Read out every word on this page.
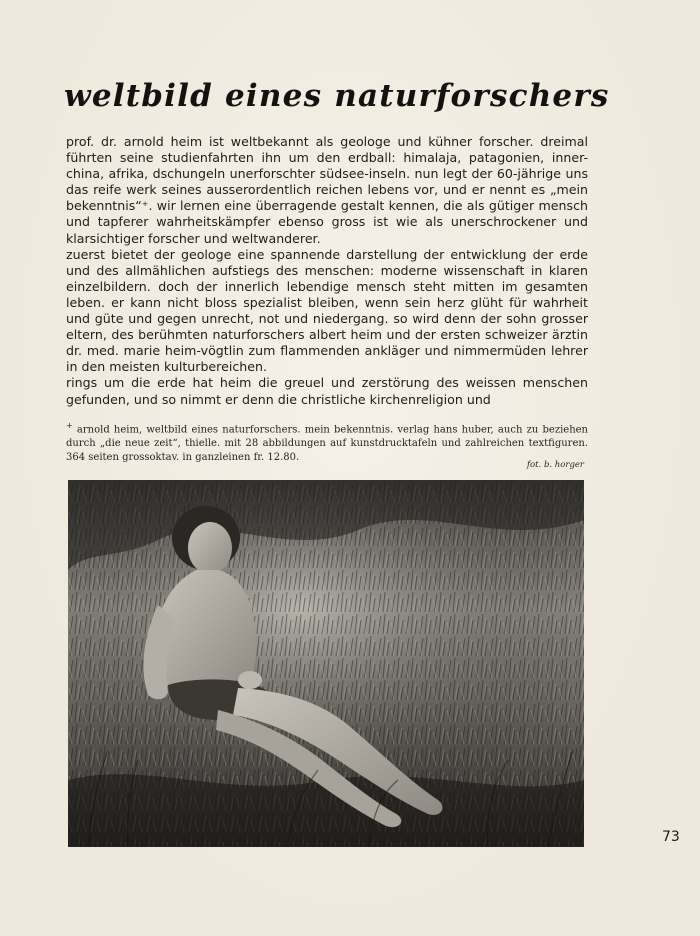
weltbild eines naturforschers

prof. dr. arnold heim ist weltbekannt als geologe und kühner forscher. dreimal führten seine studienfahrten ihn um den erdball: himalaja, patagonien, inner-china, afrika, dschungeln unerforschter südsee-inseln. nun legt der 60-jährige uns das reife werk seines ausserordentlich reichen lebens vor, und er nennt es „mein bekenntnis“⁺. wir lernen eine überragende gestalt kennen, die als gütiger mensch und tapferer wahrheitskämpfer ebenso gross ist wie als unerschrockener und klarsichtiger forscher und weltwanderer.

zuerst bietet der geologe eine spannende darstellung der entwicklung der erde und des allmählichen aufstiegs des menschen: moderne wissenschaft in klaren einzelbildern. doch der innerlich lebendige mensch steht mitten im gesamten leben. er kann nicht bloss spezialist bleiben, wenn sein herz glüht für wahrheit und güte und gegen unrecht, not und niedergang. so wird denn der sohn grosser eltern, des berühmten naturforschers albert heim und der ersten schweizer ärztin dr. med. marie heim-vögtlin zum flammenden ankläger und nimmermüden lehrer in den meisten kulturbereichen.

rings um die erde hat heim die greuel und zerstörung des weissen menschen gefunden, und so nimmt er denn die christliche kirchenreligion und

+ arnold heim, weltbild eines naturforschers. mein bekenntnis. verlag hans huber, auch zu beziehen durch „die neue zeit“, thielle. mit 28 abbildungen auf kunstdrucktafeln und zahlreichen textfiguren. 364 seiten grossoktav. in ganzleinen fr. 12.80.
fot. b. horger
73
